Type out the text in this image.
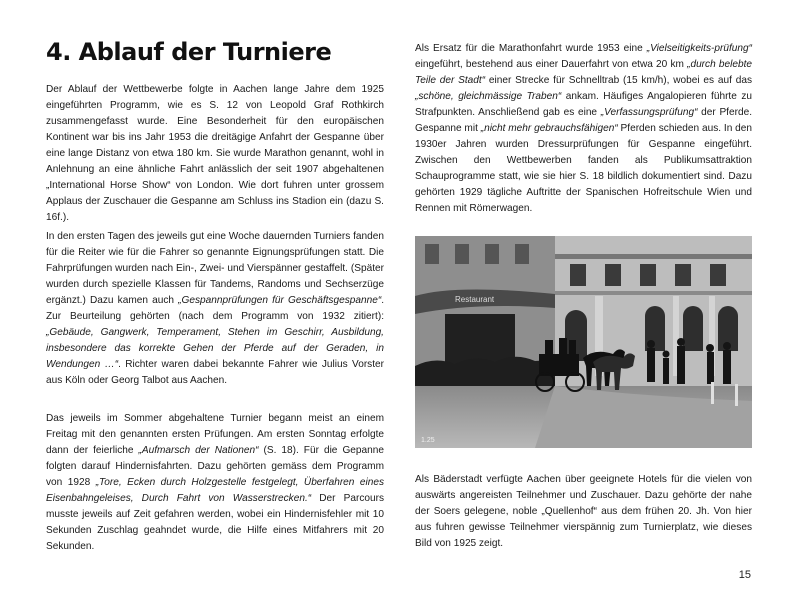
4. Ablauf der Turniere

Der Ablauf der Wettbewerbe folgte in Aachen lange Jahre dem 1925 eingeführten Programm, wie es S. 12 von Leopold Graf Rothkirch zusammengefasst wurde. Eine Besonderheit für den europäischen Kontinent war bis ins Jahr 1953 die dreitägige Anfahrt der Gespanne über eine lange Distanz von etwa 180 km. Sie wurde Marathon genannt, wohl in Anlehnung an eine ähnliche Fahrt anlässlich der seit 1907 abgehaltenen „International Horse Show“ von London. Wie dort fuhren unter grossem Applaus der Zuschauer die Gespanne am Schluss ins Stadion ein (dazu S. 16f.).

In den ersten Tagen des jeweils gut eine Woche dauernden Turniers fanden für die Reiter wie für die Fahrer so genannte Eignungsprüfungen statt. Die Fahrprüfungen wurden nach Ein-, Zwei- und Vierspänner gestaffelt. (Später wurden durch spezielle Klassen für Tandems, Randoms und Sechserzüge ergänzt.) Dazu kamen auch „Gespannprüfungen für Geschäftsgespanne“. Zur Beurteilung gehörten (nach dem Programm von 1932 zitiert): „Gebäude, Gangwerk, Temperament, Stehen im Geschirr, Ausbildung, insbesondere das korrekte Gehen der Pferde auf der Geraden, in Wendungen …“. Richter waren dabei bekannte Fahrer wie Julius Vorster aus Köln oder Georg Talbot aus Aachen.

Das jeweils im Sommer abgehaltene Turnier begann meist an einem Freitag mit den genannten ersten Prüfungen. Am ersten Sonntag erfolgte dann der feierliche „Aufmarsch der Nationen“ (S. 18). Für die Gepanne folgten darauf Hindernisfahrten. Dazu gehörten gemäss dem Programm von 1928 „Tore, Ecken durch Holzgestelle festgelegt, Überfahren eines Eisenbahngeleises, Durch Fahrt von Wasserstrecken.“ Der Parcours musste jeweils auf Zeit gefahren werden, wobei ein Hindernisfehler mit 10 Sekunden Zuschlag geahndet wurde, die Hilfe eines Mitfahrers mit 20 Sekunden.

Als Ersatz für die Marathonfahrt wurde 1953 eine „Vielseitigkeits-prüfung“ eingeführt, bestehend aus einer Dauerfahrt von etwa 20 km „durch belebte Teile der Stadt“ einer Strecke für Schnelltrab (15 km/h), wobei es auf das „schöne, gleichmässige Traben“ ankam. Häufiges Angalopieren führte zu Strafpunkten. Anschließend gab es eine „Verfassungsprüfung“ der Pferde. Gespanne mit „nicht mehr gebrauchsfähigen“ Pferden schieden aus. In den 1930er Jahren wurden Dressurprüfungen für Gespanne eingeführt. Zwischen den Wettbewerben fanden als Publikumsattraktion Schauprogramme statt, wie sie hier S. 18 bildlich dokumentiert sind. Dazu gehörten 1929 tägliche Auftritte der Spanischen Hofreitschule Wien und Rennen mit Römerwagen.

Restaurant
1.25

Als Bäderstadt verfügte Aachen über geeignete Hotels für die vielen von auswärts angereisten Teilnehmer und Zuschauer. Dazu gehörte der nahe der Soers gelegene, noble „Quellenhof“ aus dem frühen 20. Jh. Von hier aus fuhren gewisse Teilnehmer vierspännig zum Turnierplatz, wie dieses Bild von 1925 zeigt.

15
